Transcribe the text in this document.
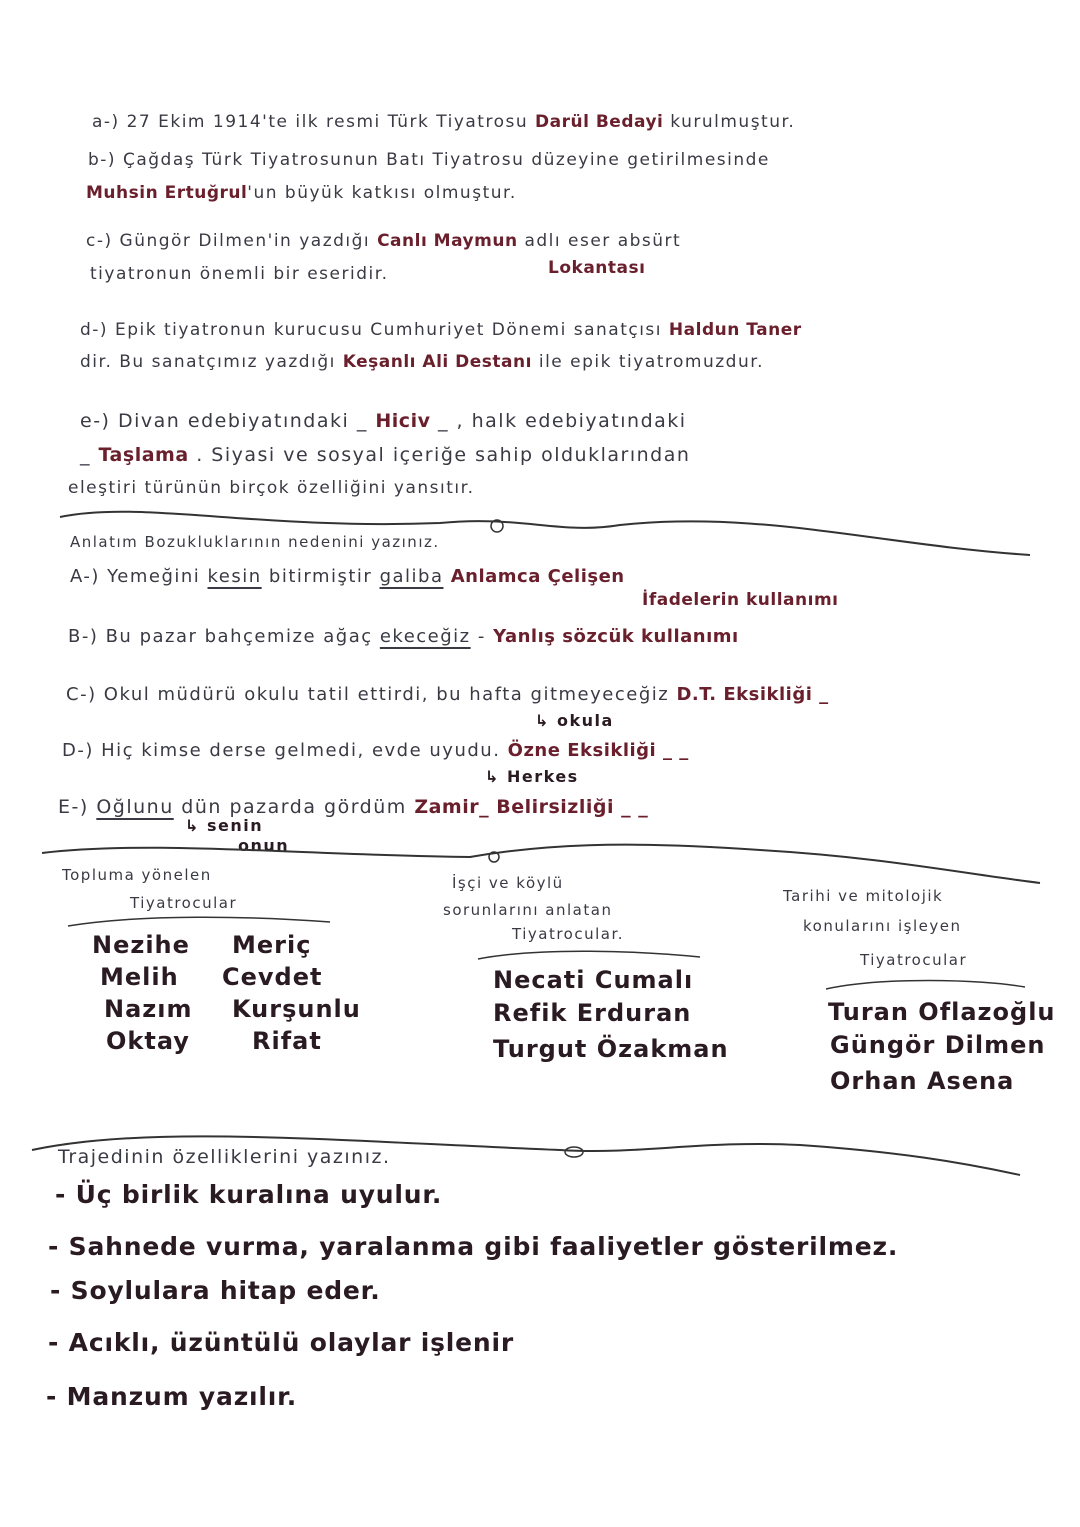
a-) 27 Ekim 1914'te ilk resmi Türk Tiyatrosu Darül Bedayi kurulmuştur.
b-) Çağdaş Türk Tiyatrosunun Batı Tiyatrosu düzeyine getirilmesinde
Muhsin Ertuğrul'un büyük katkısı olmuştur.
c-) Güngör Dilmen'in yazdığı Canlı Maymun adlı eser absürt
tiyatronun önemli bir eseridir.	Lokantası
d-) Epik tiyatronun kurucusu Cumhuriyet Dönemi sanatçısı Haldun Taner
dir. Bu sanatçımız yazdığı Keşanlı Ali Destanı ile epik tiyatromuzdur.
e-) Divan edebiyatındaki _ Hiciv _ , halk edebiyatındaki
_ Taşlama . Siyasi ve sosyal içeriğe sahip olduklarından
eleştiri türünün birçok özelliğini yansıtır.
Anlatım Bozukluklarının nedenini yazınız.
A-) Yemeğini kesin bitirmiştir galiba Anlamca Çelişen
İfadelerin kullanımı
B-) Bu pazar bahçemize ağaç ekeceğiz - Yanlış sözcük kullanımı
C-) Okul müdürü okulu tatil ettirdi, bu hafta gitmeyeceğiz D.T. Eksikliği _
↳ okula
D-) Hiç kimse derse gelmedi, evde uyudu. Özne Eksikliği _ _
↳ Herkes
E-) Oğlunu dün pazarda gördüm Zamir_ Belirsizliği _ _
↳ senin
onun
Topluma yönelen
Tiyatrocular
Nezihe Meriç
Melih Cevdet
Nazım Kurşunlu
Oktay	Rifat
İşçi ve köylü
sorunlarını anlatan
Tiyatrocular.
Necati Cumalı
Refik Erduran
Turgut Özakman
Tarihi ve mitolojik
konularını işleyen
Tiyatrocular
Turan Oflazoğlu
Güngör Dilmen
Orhan Asena
Trajedinin özelliklerini yazınız.
- Üç birlik kuralına uyulur.
- Sahnede vurma, yaralanma gibi faaliyetler gösterilmez.
- Soylulara hitap eder.
- Acıklı, üzüntülü olaylar işlenir
- Manzum yazılır.
